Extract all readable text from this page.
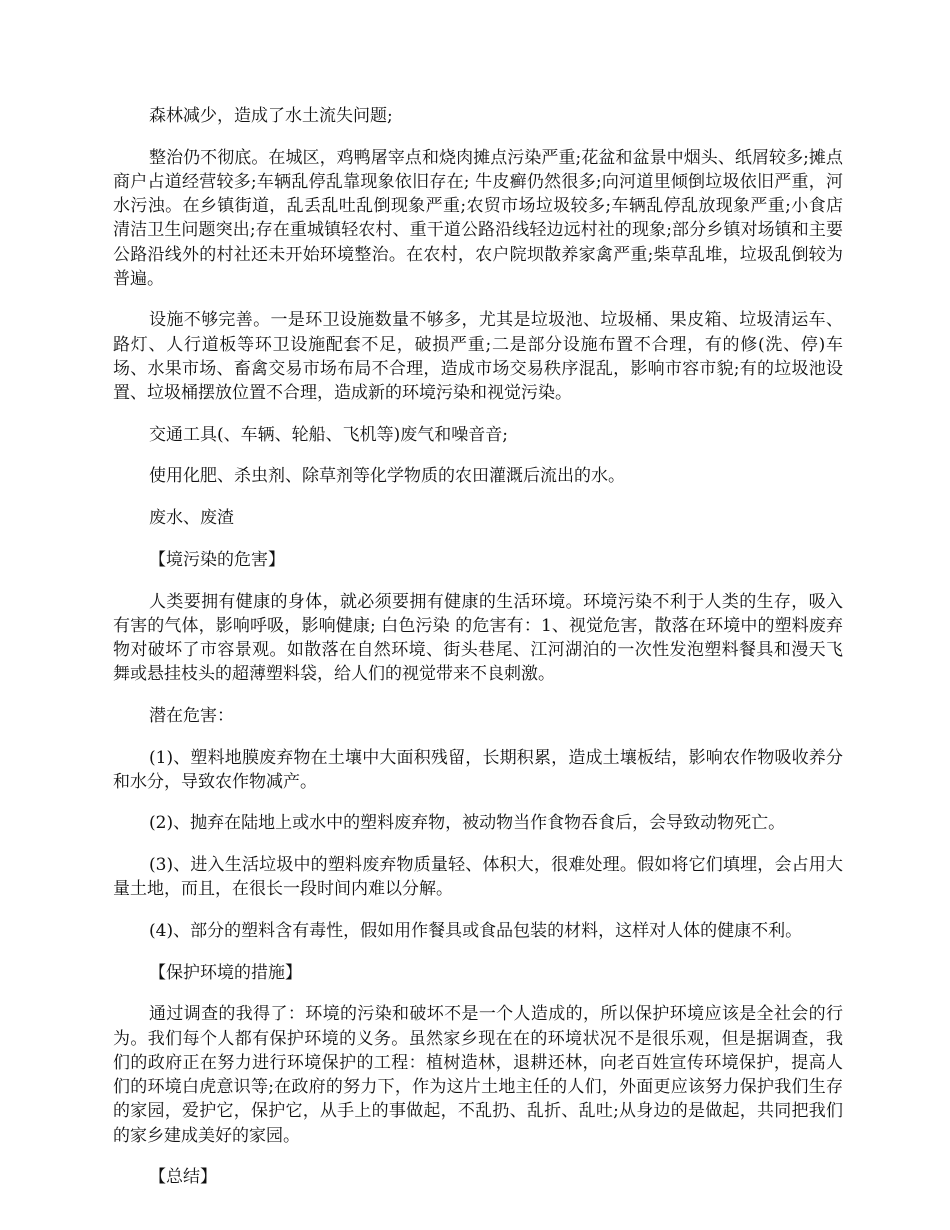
森林减少，造成了水土流失问题;

整治仍不彻底。在城区，鸡鸭屠宰点和烧肉摊点污染严重;花盆和盆景中烟头、纸屑较多;摊点商户占道经营较多;车辆乱停乱靠现象依旧存在; 牛皮癣仍然很多;向河道里倾倒垃圾依旧严重，河水污浊。在乡镇街道，乱丢乱吐乱倒现象严重;农贸市场垃圾较多;车辆乱停乱放现象严重;小食店清洁卫生问题突出;存在重城镇轻农村、重干道公路沿线轻边远村社的现象;部分乡镇对场镇和主要公路沿线外的村社还未开始环境整治。在农村，农户院坝散养家禽严重;柴草乱堆，垃圾乱倒较为普遍。

设施不够完善。一是环卫设施数量不够多，尤其是垃圾池、垃圾桶、果皮箱、垃圾清运车、路灯、人行道板等环卫设施配套不足，破损严重;二是部分设施布置不合理，有的修(洗、停)车场、水果市场、畜禽交易市场布局不合理，造成市场交易秩序混乱，影响市容市貌;有的垃圾池设置、垃圾桶摆放位置不合理，造成新的环境污染和视觉污染。

交通工具(、车辆、轮船、飞机等)废气和噪音音;

使用化肥、杀虫剂、除草剂等化学物质的农田灌溉后流出的水。

废水、废渣

【境污染的危害】

人类要拥有健康的身体，就必须要拥有健康的生活环境。环境污染不利于人类的生存，吸入有害的气体，影响呼吸，影响健康; 白色污染 的危害有：1、视觉危害，散落在环境中的塑料废弃物对破坏了市容景观。如散落在自然环境、街头巷尾、江河湖泊的一次性发泡塑料餐具和漫天飞舞或悬挂枝头的超薄塑料袋，给人们的视觉带来不良刺激。

潜在危害：

(1)、塑料地膜废弃物在土壤中大面积残留，长期积累，造成土壤板结，影响农作物吸收养分和水分，导致农作物减产。

(2)、抛弃在陆地上或水中的塑料废弃物，被动物当作食物吞食后，会导致动物死亡。

(3)、进入生活垃圾中的塑料废弃物质量轻、体积大，很难处理。假如将它们填埋，会占用大量土地，而且，在很长一段时间内难以分解。

(4)、部分的塑料含有毒性，假如用作餐具或食品包装的材料，这样对人体的健康不利。

【保护环境的措施】

通过调查的我得了：环境的污染和破坏不是一个人造成的，所以保护环境应该是全社会的行为。我们每个人都有保护环境的义务。虽然家乡现在在的环境状况不是很乐观，但是据调查，我们的政府正在努力进行环境保护的工程：植树造林，退耕还林，向老百姓宣传环境保护，提高人们的环境白虎意识等;在政府的努力下，作为这片土地主任的人们，外面更应该努力保护我们生存的家园，爱护它，保护它，从手上的事做起，不乱扔、乱折、乱吐;从身边的是做起，共同把我们的家乡建成美好的家园。

【总结】
